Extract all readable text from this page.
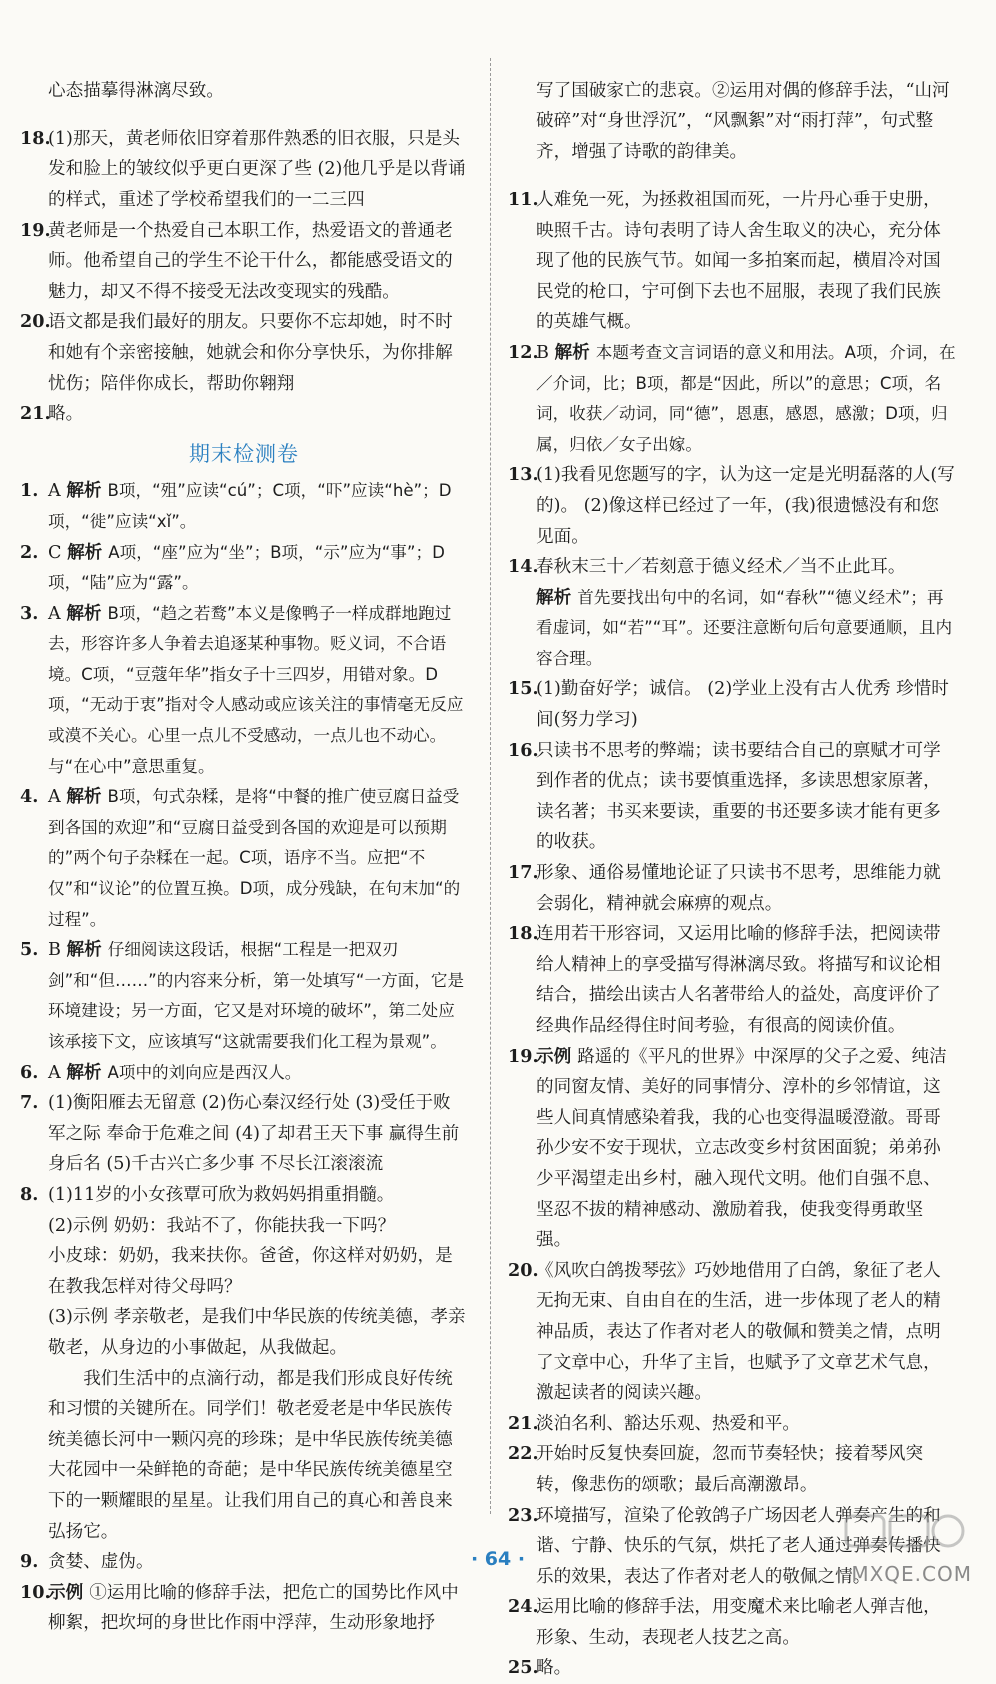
心态描摹得淋漓尽致。

18.
(1)那天，黄老师依旧穿着那件熟悉的旧衣服，只是头发和脸上的皱纹似乎更白更深了些 (2)他几乎是以背诵的样式，重述了学校希望我们的一二三四

19.
黄老师是一个热爱自己本职工作，热爱语文的普通老师。他希望自己的学生不论干什么，都能感受语文的魅力，却又不得不接受无法改变现实的残酷。

20.
语文都是我们最好的朋友。只要你不忘却她，时不时和她有个亲密接触，她就会和你分享快乐，为你排解忧伤；陪伴你成长，帮助你翱翔

21.
略。

期末检测卷

1. A 解析 B项，“殂”应读“cú”；C项，“吓”应读“hè”；D项，“徙”应读“xǐ”。

2. C 解析 A项，“座”应为“坐”；B项，“示”应为“事”；D项，“陆”应为“露”。

3. A 解析 B项，“趋之若鹜”本义是像鸭子一样成群地跑过去，形容许多人争着去追逐某种事物。贬义词，不合语境。C项，“豆蔻年华”指女子十三四岁，用错对象。D项，“无动于衷”指对令人感动或应该关注的事情毫无反应或漠不关心。心里一点儿不受感动，一点儿也不动心。与“在心中”意思重复。

4. A 解析 B项，句式杂糅，是将“中餐的推广使豆腐日益受到各国的欢迎”和“豆腐日益受到各国的欢迎是可以预期的”两个句子杂糅在一起。C项，语序不当。应把“不仅”和“议论”的位置互换。D项，成分残缺，在句末加“的过程”。

5. B 解析 仔细阅读这段话，根据“工程是一把双刃剑”和“但……”的内容来分析，第一处填写“一方面，它是环境建设；另一方面，它又是对环境的破坏”，第二处应该承接下文，应该填写“这就需要我们化工程为景观”。

6. A 解析 A项中的刘向应是西汉人。

7. (1)衡阳雁去无留意 (2)伤心秦汉经行处 (3)受任于败军之际 奉命于危难之间 (4)了却君王天下事 赢得生前身后名 (5)千古兴亡多少事 不尽长江滚滚流

8. (1)11岁的小女孩覃可欣为救妈妈捐重捐髓。
(2)示例 奶奶：我站不了，你能扶我一下吗？
小皮球：奶奶，我来扶你。爸爸，你这样对奶奶，是在教我怎样对待父母吗？
(3)示例 孝亲敬老，是我们中华民族的传统美德，孝亲敬老，从身边的小事做起，从我做起。
我们生活中的点滴行动，都是我们形成良好传统和习惯的关键所在。同学们！敬老爱老是中华民族传统美德长河中一颗闪亮的珍珠；是中华民族传统美德大花园中一朵鲜艳的奇葩；是中华民族传统美德星空下的一颗耀眼的星星。让我们用自己的真心和善良来弘扬它。

9. 贪婪、虚伪。

10.
示例 ①运用比喻的修辞手法，把危亡的国势比作风中柳絮，把坎坷的身世比作雨中浮萍，生动形象地抒

写了国破家亡的悲哀。②运用对偶的修辞手法，“山河破碎”对“身世浮沉”，“风飘絮”对“雨打萍”，句式整齐，增强了诗歌的韵律美。

11.
人难免一死，为拯救祖国而死，一片丹心垂于史册，映照千古。诗句表明了诗人舍生取义的决心，充分体现了他的民族气节。如闻一多拍案而起，横眉冷对国民党的枪口，宁可倒下去也不屈服，表现了我们民族的英雄气概。

12.
B 解析 本题考查文言词语的意义和用法。A项，介词，在／介词，比；B项，都是“因此，所以”的意思；C项，名词，收获／动词，同“德”，恩惠，感恩，感激；D项，归属，归依／女子出嫁。

13.
(1)我看见您题写的字，认为这一定是光明磊落的人(写的)。 (2)像这样已经过了一年，(我)很遗憾没有和您见面。

14.
春秋末三十／若刻意于德义经术／当不止此耳。
解析 首先要找出句中的名词，如“春秋”“德义经术”；再看虚词，如“若”“耳”。还要注意断句后句意要通顺，且内容合理。

15.
(1)勤奋好学；诚信。 (2)学业上没有古人优秀 珍惜时间(努力学习)

16.
只读书不思考的弊端；读书要结合自己的禀赋才可学到作者的优点；读书要慎重选择，多读思想家原著，读名著；书买来要读，重要的书还要多读才能有更多的收获。

17.
形象、通俗易懂地论证了只读书不思考，思维能力就会弱化，精神就会麻痹的观点。

18.
连用若干形容词，又运用比喻的修辞手法，把阅读带给人精神上的享受描写得淋漓尽致。将描写和议论相结合，描绘出读古人名著带给人的益处，高度评价了经典作品经得住时间考验，有很高的阅读价值。

19.
示例 路遥的《平凡的世界》中深厚的父子之爱、纯洁的同窗友情、美好的同事情分、淳朴的乡邻情谊，这些人间真情感染着我，我的心也变得温暖澄澈。哥哥孙少安不安于现状，立志改变乡村贫困面貌；弟弟孙少平渴望走出乡村，融入现代文明。他们自强不息、坚忍不拔的精神感动、激励着我，使我变得勇敢坚强。

20.
《风吹白鸽拨琴弦》巧妙地借用了白鸽，象征了老人无拘无束、自由自在的生活，进一步体现了老人的精神品质，表达了作者对老人的敬佩和赞美之情，点明了文章中心，升华了主旨，也赋予了文章艺术气息，激起读者的阅读兴趣。

21.
淡泊名利、豁达乐观、热爱和平。

22.
开始时反复快奏回旋，忽而节奏轻快；接着琴风突转，像悲伤的颂歌；最后高潮激昂。

23.
环境描写，渲染了伦敦鸽子广场因老人弹奏产生的和谐、宁静、快乐的气氛，烘托了老人通过弹奏传播快乐的效果，表达了作者对老人的敬佩之情。

24.
运用比喻的修辞手法，用变魔术来比喻老人弹吉他，形象、生动，表现老人技艺之高。

25.
略。

· 64 ·
MXQE.COM
